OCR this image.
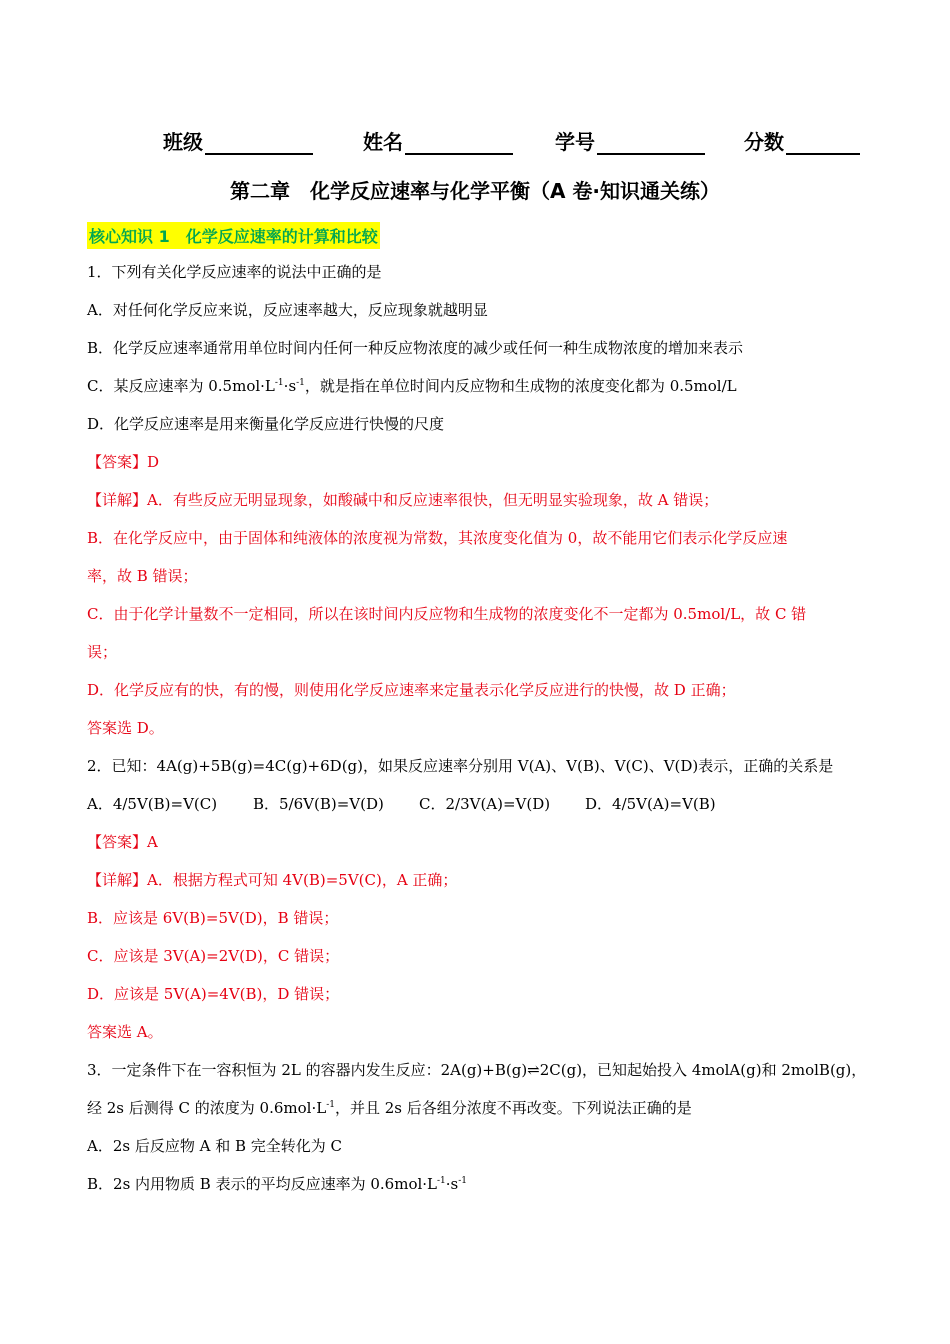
班级	姓名	学号	分数
第二章　化学反应速率与化学平衡（A 卷·知识通关练）
核心知识 1　化学反应速率的计算和比较
1．下列有关化学反应速率的说法中正确的是
A．对任何化学反应来说，反应速率越大，反应现象就越明显
B．化学反应速率通常用单位时间内任何一种反应物浓度的减少或任何一种生成物浓度的增加来表示
C．某反应速率为 $0.5mol\cdot L^{-1}\cdot s^{-1}$，就是指在单位时间内反应物和生成物的浓度变化都为 0.5mol/L
D．化学反应速率是用来衡量化学反应进行快慢的尺度
【答案】D
【详解】A．有些反应无明显现象，如酸碱中和反应速率很快，但无明显实验现象，故 A 错误；
B．在化学反应中，由于固体和纯液体的浓度视为常数，其浓度变化值为 0，故不能用它们表示化学反应速
率，故 B 错误；
C．由于化学计量数不一定相同，所以在该时间内反应物和生成物的浓度变化不一定都为 0.5mol/L，故 C 错
误；
D．化学反应有的快，有的慢，则使用化学反应速率来定量表示化学反应进行的快慢，故 D 正确；
答案选 D。
2．已知：4A(g)+5B(g)=4C(g)+6D(g)，如果反应速率分别用 V(A)、V(B)、V(C)、V(D)表示，正确的关系是
A．4/5V(B)=V(C) B．5/6V(B)=V(D) C．2/3V(A)=V(D) D．4/5V(A)=V(B)
【答案】A
【详解】A．根据方程式可知 4V(B)=5V(C)，A 正确；
B．应该是 6V(B)=5V(D)，B 错误；
C．应该是 3V(A)=2V(D)，C 错误；
D．应该是 5V(A)=4V(B)，D 错误；
答案选 A。
3．一定条件下在一容积恒为 2L 的容器内发生反应：2A(g)+B(g)⇌2C(g)，已知起始投入 4molA(g)和 2molB(g)，
经 2s 后测得 C 的浓度为 $0.6mol\cdot L^{-1}$，并且 2s 后各组分浓度不再改变。下列说法正确的是
A．2s 后反应物 A 和 B 完全转化为 C
B．2s 内用物质 B 表示的平均反应速率为 $0.6mol\cdot L^{-1}\cdot s^{-1}$
